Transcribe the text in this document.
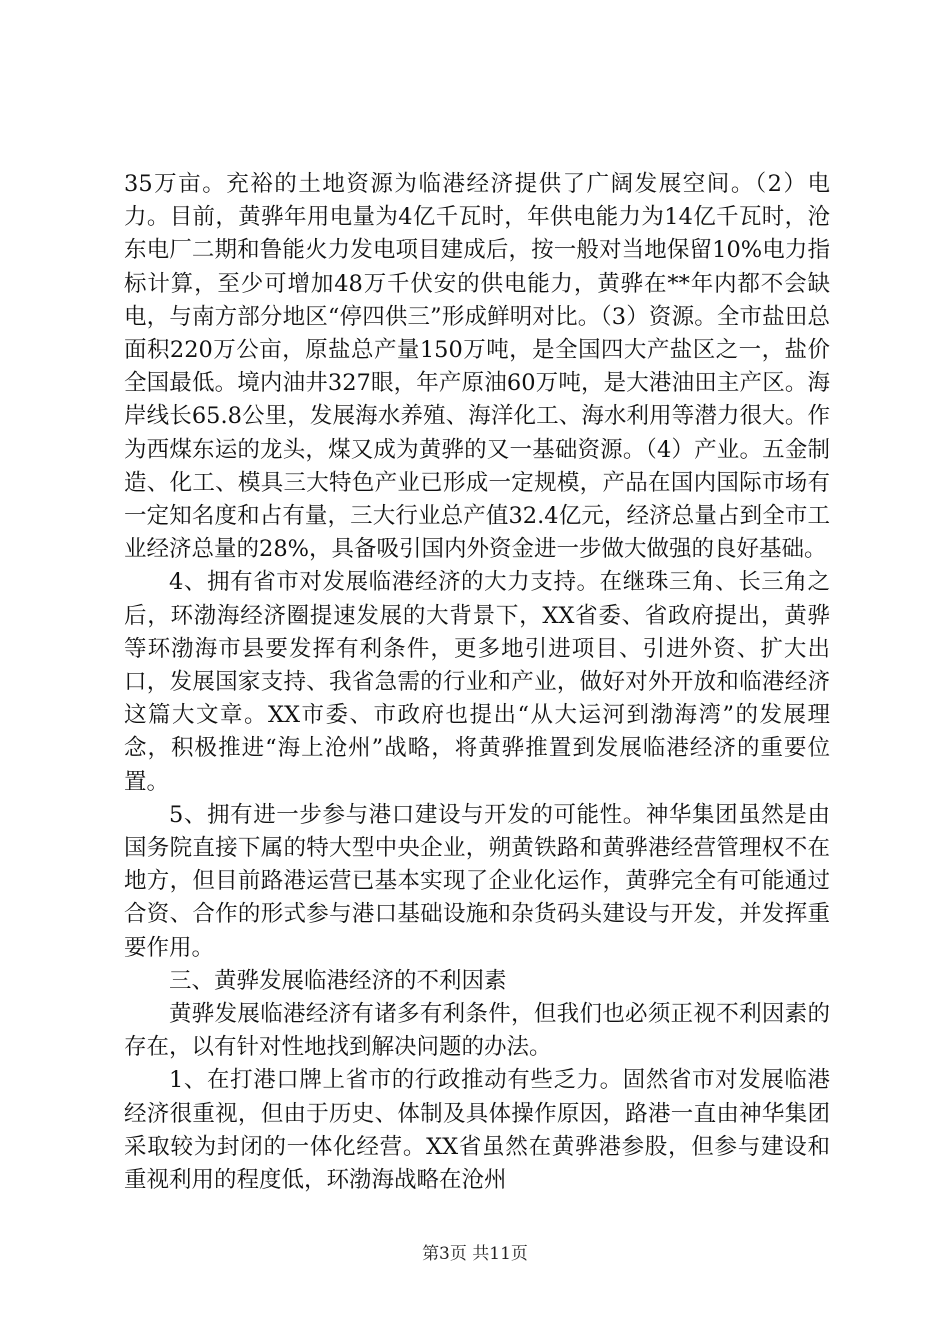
35万亩。充裕的土地资源为临港经济提供了广阔发展空间。（2）电力。目前，黄骅年用电量为4亿千瓦时，年供电能力为14亿千瓦时，沧东电厂二期和鲁能火力发电项目建成后，按一般对当地保留10%电力指标计算，至少可增加48万千伏安的供电能力，黄骅在**年内都不会缺电，与南方部分地区“停四供三”形成鲜明对比。（3）资源。全市盐田总面积220万公亩，原盐总产量150万吨，是全国四大产盐区之一，盐价全国最低。境内油井327眼，年产原油60万吨，是大港油田主产区。海岸线长65.8公里，发展海水养殖、海洋化工、海水利用等潜力很大。作为西煤东运的龙头，煤又成为黄骅的又一基础资源。（4）产业。五金制造、化工、模具三大特色产业已形成一定规模，产品在国内国际市场有一定知名度和占有量，三大行业总产值32.4亿元，经济总量占到全市工业经济总量的28%，具备吸引国内外资金进一步做大做强的良好基础。

4、拥有省市对发展临港经济的大力支持。在继珠三角、长三角之后，环渤海经济圈提速发展的大背景下，XX省委、省政府提出，黄骅等环渤海市县要发挥有利条件，更多地引进项目、引进外资、扩大出口，发展国家支持、我省急需的行业和产业，做好对外开放和临港经济这篇大文章。XX市委、市政府也提出“从大运河到渤海湾”的发展理念，积极推进“海上沧州”战略，将黄骅推置到发展临港经济的重要位置。

5、拥有进一步参与港口建设与开发的可能性。神华集团虽然是由国务院直接下属的特大型中央企业，朔黄铁路和黄骅港经营管理权不在地方，但目前路港运营已基本实现了企业化运作，黄骅完全有可能通过合资、合作的形式参与港口基础设施和杂货码头建设与开发，并发挥重要作用。

三、黄骅发展临港经济的不利因素

黄骅发展临港经济有诸多有利条件，但我们也必须正视不利因素的存在，以有针对性地找到解决问题的办法。

1、在打港口牌上省市的行政推动有些乏力。固然省市对发展临港经济很重视，但由于历史、体制及具体操作原因，路港一直由神华集团采取较为封闭的一体化经营。XX省虽然在黄骅港参股，但参与建设和重视利用的程度低，环渤海战略在沧州

第3页 共11页
